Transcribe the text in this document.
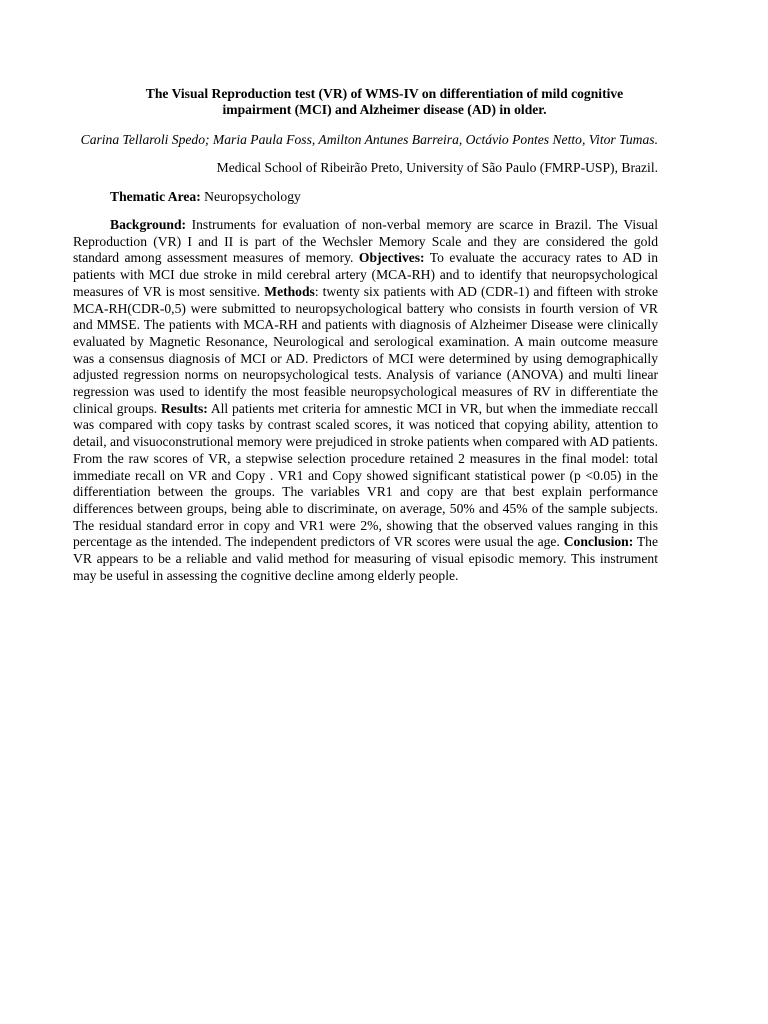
The Visual Reproduction test (VR) of WMS-IV on differentiation of mild cognitive impairment (MCI) and Alzheimer disease (AD) in older.

Carina Tellaroli Spedo; Maria Paula Foss, Amilton Antunes Barreira, Octávio Pontes Netto, Vitor Tumas.

Medical School of Ribeirão Preto, University of São Paulo (FMRP-USP), Brazil.

Thematic Area: Neuropsychology

Background: Instruments for evaluation of non-verbal memory are scarce in Brazil. The Visual Reproduction (VR) I and II is part of the Wechsler Memory Scale and they are considered the gold standard among assessment measures of memory. Objectives: To evaluate the accuracy rates to AD in patients with MCI due stroke in mild cerebral artery (MCA-RH) and to identify that neuropsychological measures of VR is most sensitive. Methods: twenty six patients with AD (CDR-1) and fifteen with stroke MCA-RH(CDR-0,5) were submitted to neuropsychological battery who consists in fourth version of VR and MMSE. The patients with MCA-RH and patients with diagnosis of Alzheimer Disease were clinically evaluated by Magnetic Resonance, Neurological and serological examination. A main outcome measure was a consensus diagnosis of MCI or AD. Predictors of MCI were determined by using demographically adjusted regression norms on neuropsychological tests. Analysis of variance (ANOVA) and multi linear regression was used to identify the most feasible neuropsychological measures of RV in differentiate the clinical groups. Results: All patients met criteria for amnestic MCI in VR, but when the immediate reccall was compared with copy tasks by contrast scaled scores, it was noticed that copying ability, attention to detail, and visuoconstrutional memory were prejudiced in stroke patients when compared with AD patients. From the raw scores of VR, a stepwise selection procedure retained 2 measures in the final model: total immediate recall on VR and Copy . VR1 and Copy showed significant statistical power (p <0.05) in the differentiation between the groups. The variables VR1 and copy are that best explain performance differences between groups, being able to discriminate, on average, 50% and 45% of the sample subjects. The residual standard error in copy and VR1 were 2%, showing that the observed values ranging in this percentage as the intended. The independent predictors of VR scores were usual the age. Conclusion: The VR appears to be a reliable and valid method for measuring of visual episodic memory. This instrument may be useful in assessing the cognitive decline among elderly people.
